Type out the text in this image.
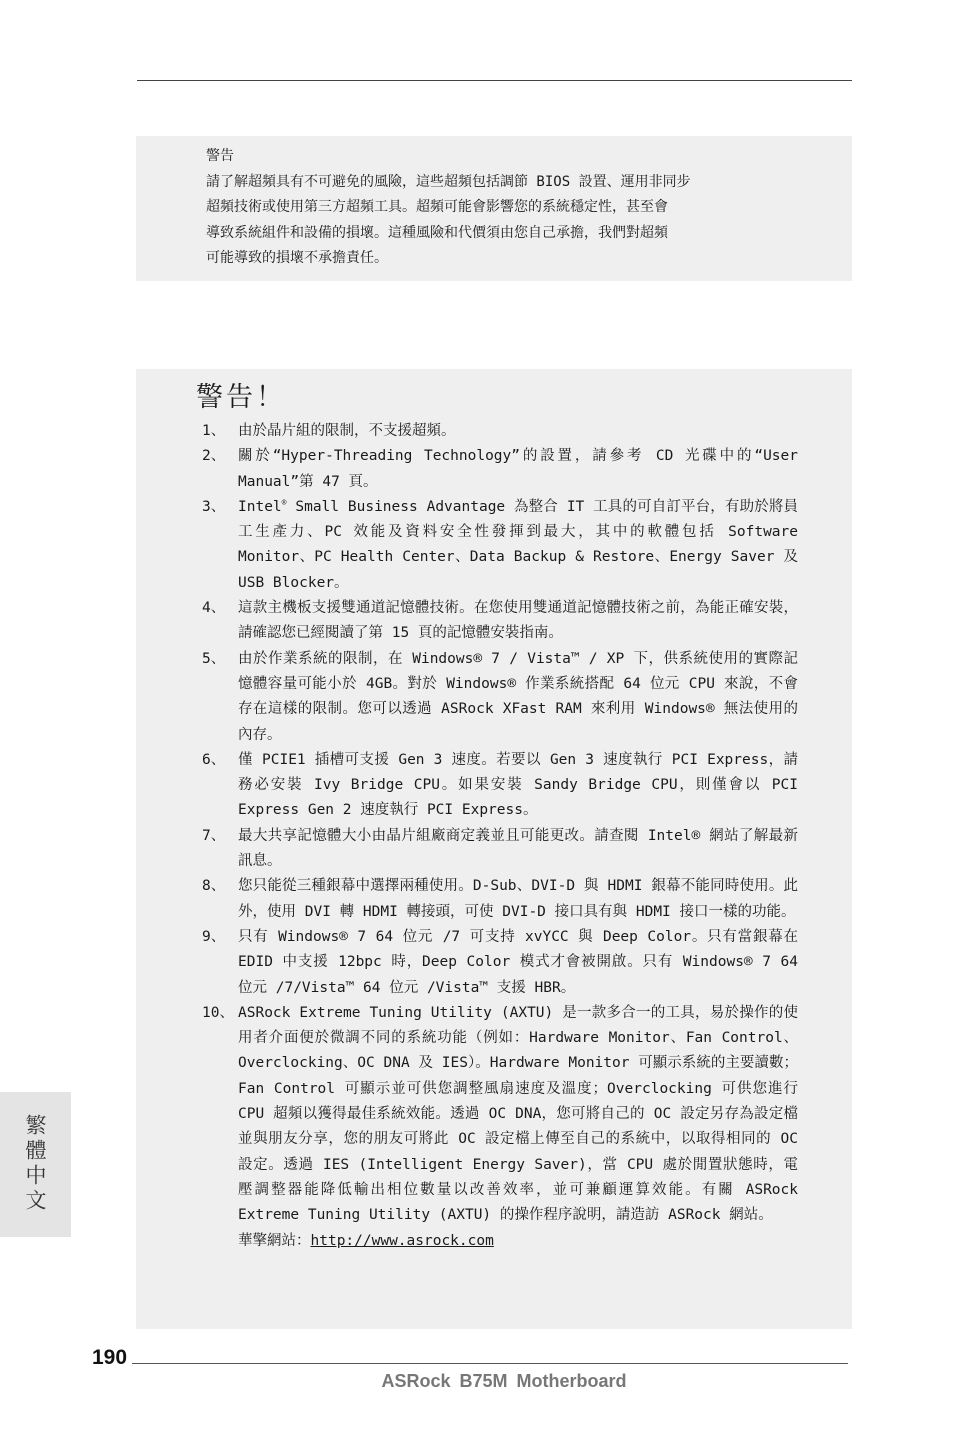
警告
請了解超頻具有不可避免的風險，這些超頻包括調節 BIOS 設置、運用非同步
超頻技術或使用第三方超頻工具。超頻可能會影響您的系統穩定性，甚至會
導致系統組件和設備的損壞。這種風險和代價須由您自己承擔，我們對超頻
可能導致的損壞不承擔責任。
警告！
1、 由於晶片組的限制，不支援超頻。
2、 關於“Hyper-Threading Technology”的設置，請參考 CD 光碟中的“User Manual”第 47 頁。
3、 Intel® Small Business Advantage 為整合 IT 工具的可自訂平台，有助於將員工生產力、PC 效能及資料安全性發揮到最大，其中的軟體包括 Software Monitor、PC Health Center、Data Backup & Restore、Energy Saver 及 USB Blocker。
4、 這款主機板支援雙通道記憶體技術。在您使用雙通道記憶體技術之前，為能正確安裝，請確認您已經閱讀了第 15 頁的記憶體安裝指南。
5、 由於作業系統的限制，在 Windows® 7 / Vista™ / XP 下，供系統使用的實際記憶體容量可能小於 4GB。對於 Windows® 作業系統搭配 64 位元 CPU 來說，不會存在這樣的限制。您可以透過 ASRock XFast RAM 來利用 Windows® 無法使用的內存。
6、 僅 PCIE1 插槽可支援 Gen 3 速度。若要以 Gen 3 速度執行 PCI Express，請務必安裝 Ivy Bridge CPU。如果安裝 Sandy Bridge CPU，則僅會以 PCI Express Gen 2 速度執行 PCI Express。
7、 最大共享記憶體大小由晶片組廠商定義並且可能更改。請查閱 Intel® 網站了解最新訊息。
8、 您只能從三種銀幕中選擇兩種使用。D-Sub、DVI-D 與 HDMI 銀幕不能同時使用。此外，使用 DVI 轉 HDMI 轉接頭，可使 DVI-D 接口具有與 HDMI 接口一樣的功能。
9、 只有 Windows® 7 64 位元 /7 可支持 xvYCC 與 Deep Color。只有當銀幕在 EDID 中支援 12bpc 時，Deep Color 模式才會被開啟。只有 Windows® 7 64 位元 /7/Vista™ 64 位元 /Vista™ 支援 HBR。
10、 ASRock Extreme Tuning Utility (AXTU) 是一款多合一的工具，易於操作的使用者介面便於微調不同的系統功能（例如：Hardware Monitor、Fan Control、Overclocking、OC DNA 及 IES）。Hardware Monitor 可顯示系統的主要讀數；Fan Control 可顯示並可供您調整風扇速度及溫度；Overclocking 可供您進行 CPU 超頻以獲得最佳系統效能。透過 OC DNA，您可將自己的 OC 設定另存為設定檔並與朋友分享，您的朋友可將此 OC 設定檔上傳至自己的系統中，以取得相同的 OC 設定。透過 IES (Intelligent Energy Saver)，當 CPU 處於閒置狀態時，電壓調整器能降低輸出相位數量以改善效率，並可兼顧運算效能。有關 ASRock Extreme Tuning Utility (AXTU) 的操作程序說明，請造訪 ASRock 網站。
華擎網站：http://www.asrock.com
繁體中文
190
ASRock B75M Motherboard
